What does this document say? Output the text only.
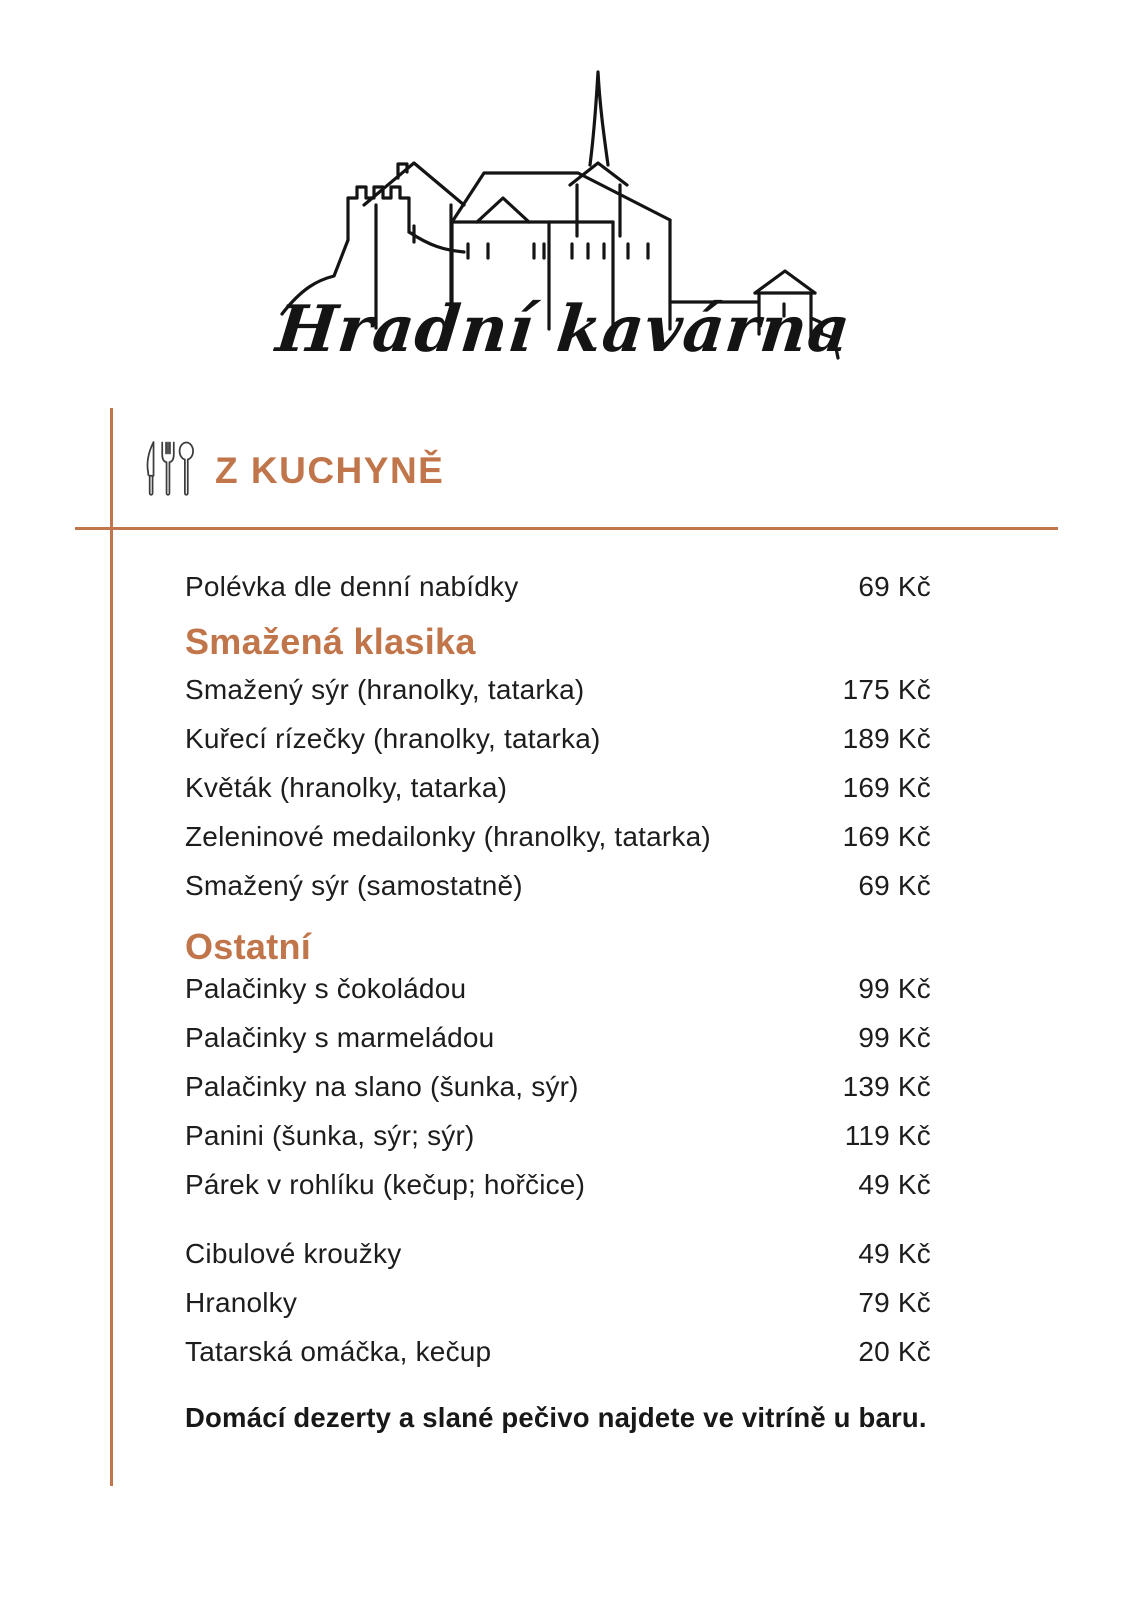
Hradní kavárna
Z KUCHYNĚ
Polévka dle denní nabídky	69 Kč
Smažená klasika
Smažený sýr (hranolky, tatarka)	175 Kč
Kuřecí rízečky (hranolky, tatarka)	189 Kč
Květák (hranolky, tatarka)	169 Kč
Zeleninové medailonky (hranolky, tatarka)	169 Kč
Smažený sýr (samostatně)	69 Kč
Ostatní
Palačinky s čokoládou	99 Kč
Palačinky s marmeládou	99 Kč
Palačinky na slano (šunka, sýr)	139 Kč
Panini (šunka, sýr; sýr)	119 Kč
Párek v rohlíku (kečup; hořčice)	49 Kč
Cibulové kroužky	49 Kč
Hranolky	79 Kč
Tatarská omáčka, kečup	20 Kč
Domácí dezerty a slané pečivo najdete ve vitríně u baru.
